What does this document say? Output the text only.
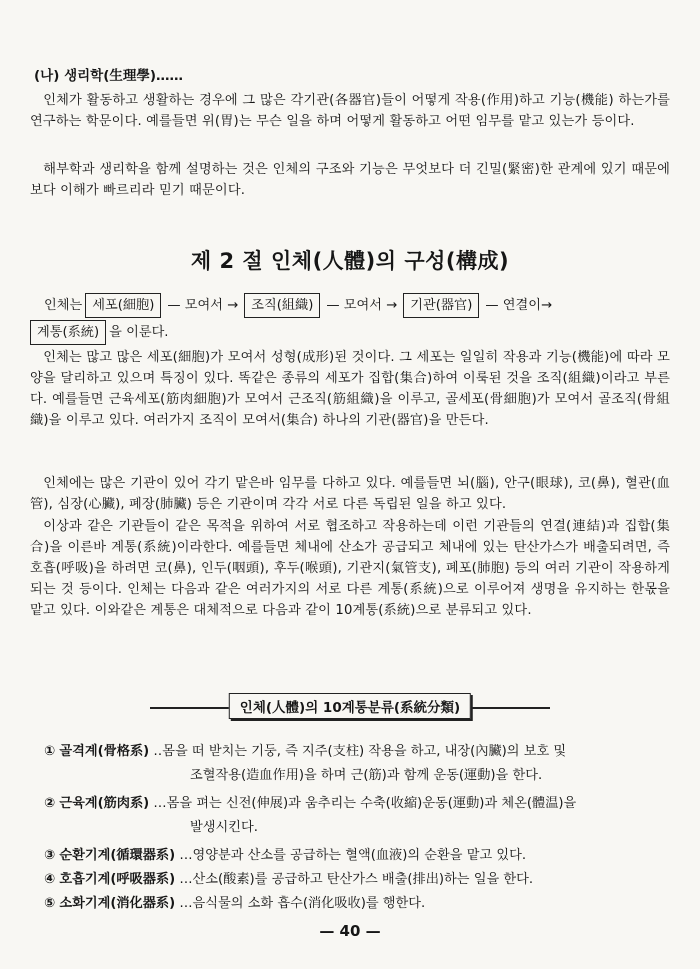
(나) 생리학(生理學)……

인체가 활동하고 생활하는 경우에 그 많은 각기관(各器官)들이 어떻게 작용(作用)하고 기능(機能) 하는가를 연구하는 학문이다. 예를들면 위(胃)는 무슨 일을 하며 어떻게 활동하고 어떤 임무를 맡고 있는가 등이다.

해부학과 생리학을 함께 설명하는 것은 인체의 구조와 기능은 무엇보다 더 긴밀(緊密)한 관계에 있기 때문에 보다 이해가 빠르리라 믿기 때문이다.

제 2 절 인체(人體)의 구성(構成)
인체는 세포(細胞) — 모여서 → 조직(組織) — 모여서 → 기관(器官) — 연결이→
계통(系統) 을 이룬다.

인체는 많고 많은 세포(細胞)가 모여서 성형(成形)된 것이다. 그 세포는 일일히 작용과 기능(機能)에 따라 모양을 달리하고 있으며 특징이 있다. 똑같은 종류의 세포가 집합(集合)하여 이룩된 것을 조직(組織)이라고 부른다. 예를들면 근육세포(筋肉細胞)가 모여서 근조직(筋組織)을 이루고, 골세포(骨細胞)가 모여서 골조직(骨組織)을 이루고 있다. 여러가지 조직이 모여서(集合) 하나의 기관(器官)을 만든다.

인체에는 많은 기관이 있어 각기 맡은바 임무를 다하고 있다. 예를들면 뇌(腦), 안구(眼球), 코(鼻), 혈관(血管), 심장(心臟), 폐장(肺臟) 등은 기관이며 각각 서로 다른 독립된 일을 하고 있다.

이상과 같은 기관들이 같은 목적을 위하여 서로 협조하고 작용하는데 이런 기관들의 연결(連結)과 집합(集合)을 이른바 계통(系統)이라한다. 예를들면 체내에 산소가 공급되고 체내에 있는 탄산가스가 배출되려면, 즉 호흡(呼吸)을 하려면 코(鼻), 인두(咽頭), 후두(喉頭), 기관지(氣管支), 폐포(肺胞) 등의 여러 기관이 작용하게 되는 것 등이다. 인체는 다음과 같은 여러가지의 서로 다른 계통(系統)으로 이루어져 생명을 유지하는 한몫을 맡고 있다. 이와같은 계통은 대체적으로 다음과 같이 10계통(系統)으로 분류되고 있다.

인체(人體)의 10계통분류(系統分類)
① 골격계(骨格系) ‥몸을 떠 받치는 기둥, 즉 지주(支柱) 작용을 하고, 내장(內臟)의 보호 및
조혈작용(造血作用)을 하며 근(筋)과 함께 운동(運動)을 한다.
② 근육계(筋肉系) …몸을 펴는 신전(伸展)과 움추리는 수축(收縮)운동(運動)과 체온(體温)을
발생시킨다.
③ 순환기계(循環器系) …영양분과 산소를 공급하는 혈액(血液)의 순환을 맡고 있다.
④ 호흡기계(呼吸器系) …산소(酸素)를 공급하고 탄산가스 배출(排出)하는 일을 한다.
⑤ 소화기계(消化器系) …음식물의 소화 흡수(消化吸收)를 행한다.
— 40 —
